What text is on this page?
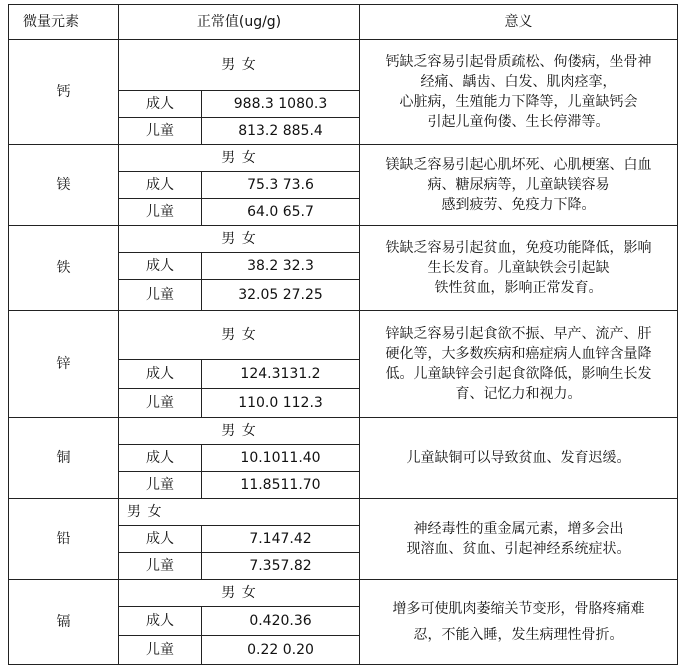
微量元素	正常值(ug/g)		意义
钙	男 女		钙缺乏容易引起骨质疏松、佝偻病，坐骨神
经痛、龋齿、白发、肌肉痉挛，
心脏病，生殖能力下降等，儿童缺钙会
引起儿童佝偻、生长停滞等。

	成人	988.3 1080.3	
	儿童	813.2 885.4	
镁	男 女		镁缺乏容易引起心肌坏死、心肌梗塞、白血
病、糖尿病等，儿童缺镁容易
感到疲劳、免疫力下降。

	成人	75.3 73.6	
	儿童	64.0 65.7	
铁	男 女		铁缺乏容易引起贫血，免疫功能降低，影响
生长发育。儿童缺铁会引起缺
铁性贫血，影响正常发育。

	成人	38.2 32.3	
	儿童	32.05 27.25	
锌	男 女		锌缺乏容易引起食欲不振、早产、流产、肝
硬化等，大多数疾病和癌症病人血锌含量降
低。儿童缺锌会引起食欲降低，影响生长发
育、记忆力和视力。

	成人	124.3131.2	
	儿童	110.0 112.3	
铜	男 女		儿童缺铜可以导致贫血、发育迟缓。

	成人	10.1011.40	
	儿童	11.8511.70	
铅	男 女		神经毒性的重金属元素，增多会出
现溶血、贫血、引起神经系统症状。

	成人	7.147.42	
	儿童	7.357.82	
镉	男 女		增多可使肌肉萎缩关节变形，骨胳疼痛难
忍，不能入睡，发生病理性骨折。

	成人	0.420.36	
	儿童	0.22 0.20	
